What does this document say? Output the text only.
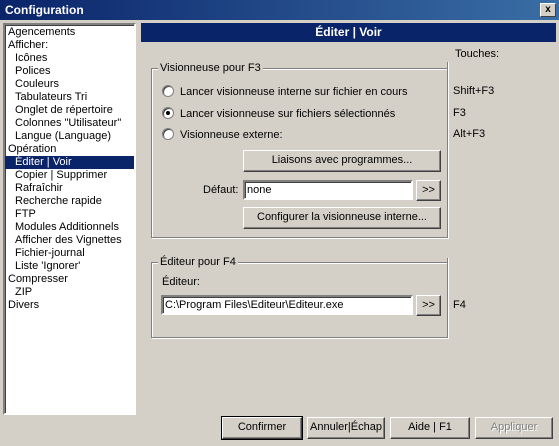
Configuration	x
Agencements
Afficher:
Icônes
Polices
Couleurs
Tabulateurs Tri
Onglet de répertoire
Colonnes "Utilisateur"
Langue (Language)
Opération
Éditer | Voir
Copier | Supprimer
Rafraîchir
Recherche rapide
FTP
Modules Additionnels
Afficher des Vignettes
Fichier-journal
Liste 'Ignorer'
Compresser
ZIP
Divers
Éditer | Voir
Touches:
Visionneuse pour F3
Lancer visionneuse interne sur fichier en cours	Shift+F3
Lancer visionneuse sur fichiers sélectionnés	F3
Visionneuse externe:	Alt+F3
Liaisons avec programmes...
Défaut:
none	>>
Configurer la visionneuse interne...
Éditeur pour F4
Éditeur:
C:\Program Files\Editeur\Editeur.exe
>>	F4
Confirmer	Annuler|Échap	Aide | F1	Appliquer
